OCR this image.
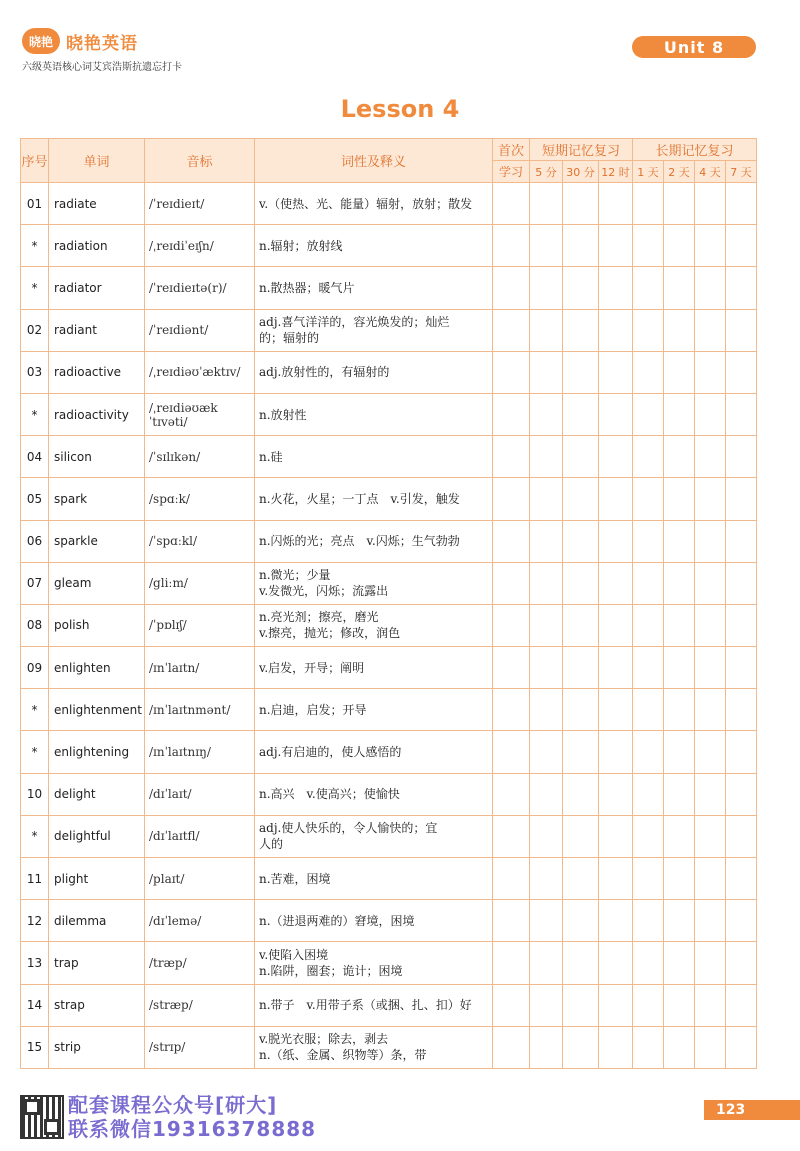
晓艳 晓艳英语
六级英语核心词艾宾浩斯抗遗忘打卡
Unit 8
Lesson 4
序号	单词	音标	词性及释义	首次	短期记忆复习			长期记忆复习			
				学习	5 分	30 分	12 时	1 天	2 天	4 天	7 天
01	radiate	/ˈreɪdieɪt/	v.（使热、光、能量）辐射，放射；散发								

*	radiation	/ˌreɪdiˈeɪʃn/	n.辐射；放射线								

*	radiator	/ˈreɪdieɪtə(r)/	n.散热器；暖气片								

02	radiant	/ˈreɪdiənt/	adj.喜气洋洋的，容光焕发的；灿烂
的；辐射的								

03	radioactive	/ˌreɪdiəʊˈæktɪv/	adj.放射性的，有辐射的								

*	radioactivity	/ˌreɪdiəʊækˈtɪvəti/	n.放射性								

04	silicon	/ˈsɪlɪkən/	n.硅								

05	spark	/spɑːk/	n.火花，火星；一丁点　v.引发，触发								

06	sparkle	/ˈspɑːkl/	n.闪烁的光；亮点　v.闪烁；生气勃勃								

07	gleam	/gliːm/	n.微光；少量
v.发微光，闪烁；流露出								

08	polish	/ˈpɒlɪʃ/	n.亮光剂；擦亮，磨光
v.擦亮，抛光；修改，润色								

09	enlighten	/ɪnˈlaɪtn/	v.启发，开导；阐明								

*	enlightenment	/ɪnˈlaɪtnmənt/	n.启迪，启发；开导								

*	enlightening	/ɪnˈlaɪtnɪŋ/	adj.有启迪的，使人感悟的								

10	delight	/dɪˈlaɪt/	n.高兴　v.使高兴；使愉快								

*	delightful	/dɪˈlaɪtfl/	adj.使人快乐的，令人愉快的；宜
人的								

11	plight	/plaɪt/	n.苦难，困境								

12	dilemma	/dɪˈlemə/	n.（进退两难的）窘境，困境								

13	trap	/træp/	v.使陷入困境
n.陷阱，圈套；诡计；困境								

14	strap	/stræp/	n.带子　v.用带子系（或捆、扎、扣）好								

15	strip	/strɪp/	v.脱光衣服；除去，剥去
n.（纸、金属、织物等）条，带								

配套课程公众号[研大]
联系微信19316378888
123
